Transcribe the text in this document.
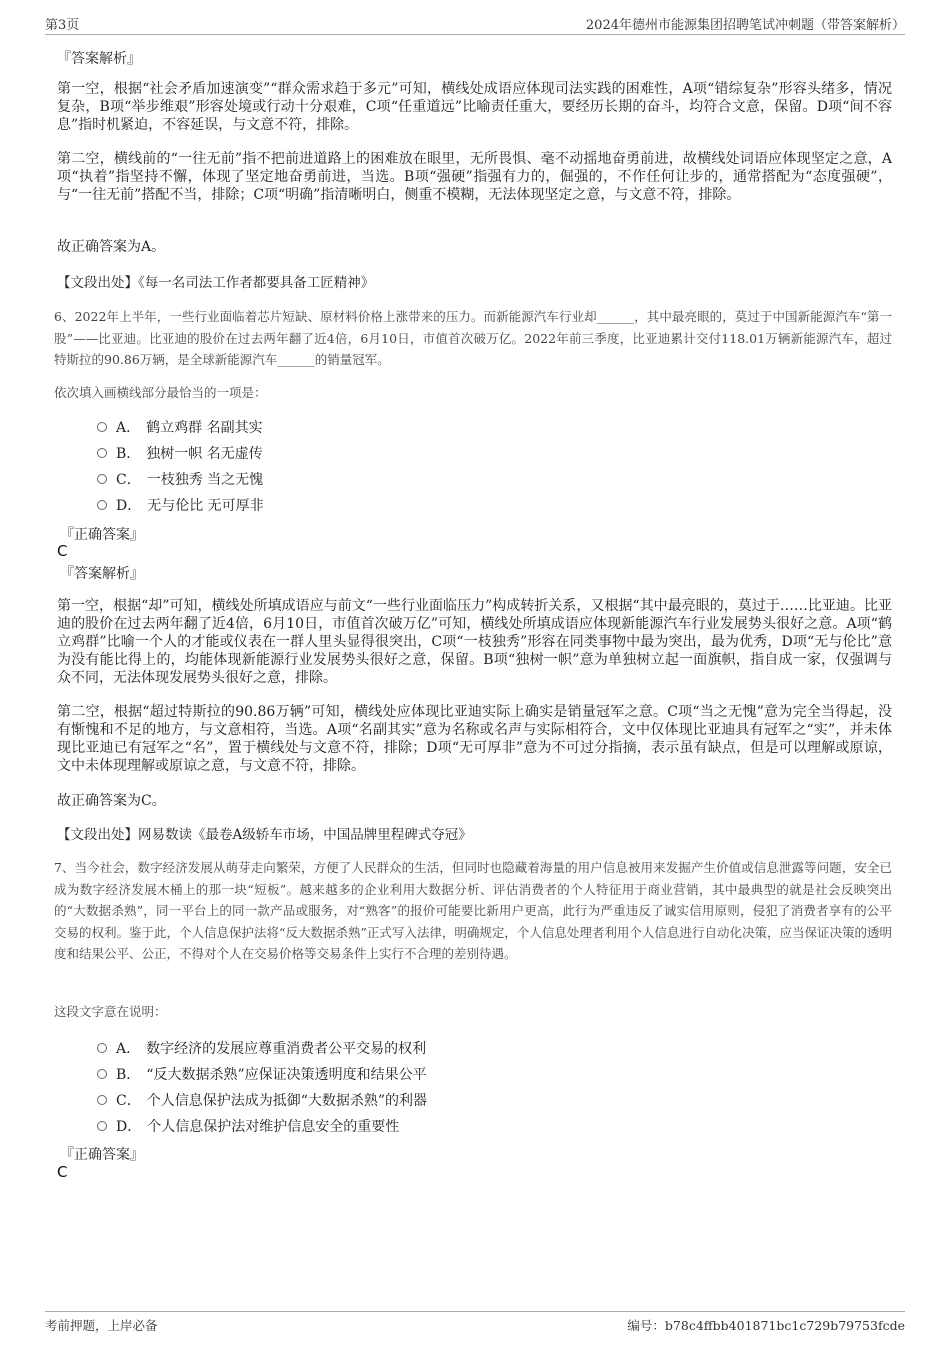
第3页	2024年德州市能源集团招聘笔试冲刺题（带答案解析）
『答案解析』
第一空，根据“社会矛盾加速演变”“群众需求趋于多元”可知，横线处成语应体现司法实践的困难性，A项“错综复杂”形容头绪多，情况复杂，B项“举步维艰”形容处境或行动十分艰难，C项“任重道远”比喻责任重大，要经历长期的奋斗，均符合文意，保留。D项“间不容息”指时机紧迫，不容延误，与文意不符，排除。
第二空，横线前的“一往无前”指不把前进道路上的困难放在眼里，无所畏惧、毫不动摇地奋勇前进，故横线处词语应体现坚定之意，A项“执着”指坚持不懈，体现了坚定地奋勇前进，当选。B项“强硬”指强有力的，倔强的，不作任何让步的，通常搭配为“态度强硬”，与“一往无前”搭配不当，排除；C项“明确”指清晰明白，侧重不模糊，无法体现坚定之意，与文意不符，排除。
故正确答案为A。
【文段出处】《每一名司法工作者都要具备工匠精神》
6、2022年上半年，一些行业面临着芯片短缺、原材料价格上涨带来的压力。而新能源汽车行业却______，其中最亮眼的，莫过于中国新能源汽车“第一股”——比亚迪。比亚迪的股价在过去两年翻了近4倍，6月10日，市值首次破万亿。2022年前三季度，比亚迪累计交付118.01万辆新能源汽车，超过特斯拉的90.86万辆，是全球新能源汽车______的销量冠军。
依次填入画横线部分最恰当的一项是：
A． 鹤立鸡群 名副其实
B． 独树一帜 名无虚传
C． 一枝独秀 当之无愧
D． 无与伦比 无可厚非
『正确答案』
C
『答案解析』
第一空，根据“却”可知，横线处所填成语应与前文“一些行业面临压力”构成转折关系，又根据“其中最亮眼的，莫过于……比亚迪。比亚迪的股价在过去两年翻了近4倍，6月10日，市值首次破万亿”可知，横线处所填成语应体现新能源汽车行业发展势头很好之意。A项“鹤立鸡群”比喻一个人的才能或仪表在一群人里头显得很突出，C项“一枝独秀”形容在同类事物中最为突出，最为优秀，D项“无与伦比”意为没有能比得上的，均能体现新能源行业发展势头很好之意，保留。B项“独树一帜”意为单独树立起一面旗帜，指自成一家，仅强调与众不同，无法体现发展势头很好之意，排除。
第二空，根据“超过特斯拉的90.86万辆”可知，横线处应体现比亚迪实际上确实是销量冠军之意。C项“当之无愧”意为完全当得起，没有惭愧和不足的地方，与文意相符，当选。A项“名副其实”意为名称或名声与实际相符合，文中仅体现比亚迪具有冠军之“实”，并未体现比亚迪已有冠军之“名”，置于横线处与文意不符，排除；D项“无可厚非”意为不可过分指摘，表示虽有缺点，但是可以理解或原谅，文中未体现理解或原谅之意，与文意不符，排除。
故正确答案为C。
【文段出处】网易数读《最卷A级轿车市场，中国品牌里程碑式夺冠》
7、当今社会，数字经济发展从萌芽走向繁荣，方便了人民群众的生活，但同时也隐藏着海量的用户信息被用来发掘产生价值或信息泄露等问题，安全已成为数字经济发展木桶上的那一块“短板”。越来越多的企业利用大数据分析、评估消费者的个人特征用于商业营销，其中最典型的就是社会反映突出的“大数据杀熟”，同一平台上的同一款产品或服务，对“熟客”的报价可能要比新用户更高，此行为严重违反了诚实信用原则，侵犯了消费者享有的公平交易的权利。鉴于此，个人信息保护法将“反大数据杀熟”正式写入法律，明确规定，个人信息处理者利用个人信息进行自动化决策，应当保证决策的透明度和结果公平、公正，不得对个人在交易价格等交易条件上实行不合理的差别待遇。
这段文字意在说明：
A． 数字经济的发展应尊重消费者公平交易的权利
B． “反大数据杀熟”应保证决策透明度和结果公平
C． 个人信息保护法成为抵御“大数据杀熟”的利器
D． 个人信息保护法对维护信息安全的重要性
『正确答案』
C
考前押题，上岸必备	编号：b78c4ffbb401871bc1c729b79753fcde
